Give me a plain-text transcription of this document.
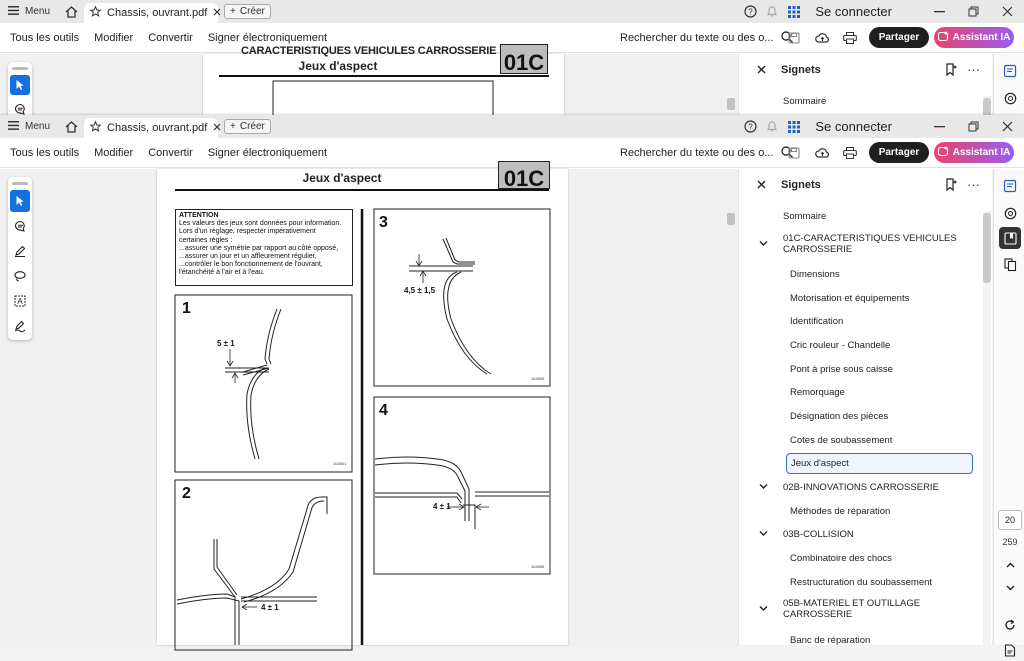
Menu	Chassis, ouvrant.pdf + Créer	?	Se connecter
Tous les outils Modifier Convertir Signer électroniquement	Rechercher du texte ou des o...	Partager	Assistant IA
CARACTERISTIQUES VEHICULES CARROSSERIE
Jeux d'aspect	01C	Signets	···
Sommaire
Menu	Chassis, ouvrant.pdf + Créer	?	Se connecter
Tous les outils Modifier Convertir Signer électroniquement	Rechercher du texte ou des o...	Partager	Assistant IA
A
Jeux d'aspect	01C
ATTENTION
Les valeurs des jeux sont données pour information.
Lors d'un réglage, respecter impérativement
certaines règles :
...assurer une symétrie par rapport au côté opposé,
...assurer un jour et un affleurement régulier,
...contrôler le bon fonctionnement de l'ouvrant,
l'étanchéité à l'air et à l'eau.
1
5 ± 1
104501
2
4 ± 1
3
4,5 ± 1,5
104505
4
4 ± 1
104506
Signets	···
Sommaire
01C-CARACTERISTIQUES VEHICULES CARROSSERIE
Dimensions
Motorisation et équipements
Identification
Cric rouleur - Chandelle
Pont à prise sous caisse
Remorquage
Désignation des pièces
Cotes de soubassement
Jeux d'aspect
02B-INNOVATIONS CARROSSERIE
Méthodes de réparation
03B-COLLISION
Combinatoire des chocs
Restructuration du soubassement
05B-MATERIEL ET OUTILLAGE CARROSSERIE
Banc de réparation
20
259
